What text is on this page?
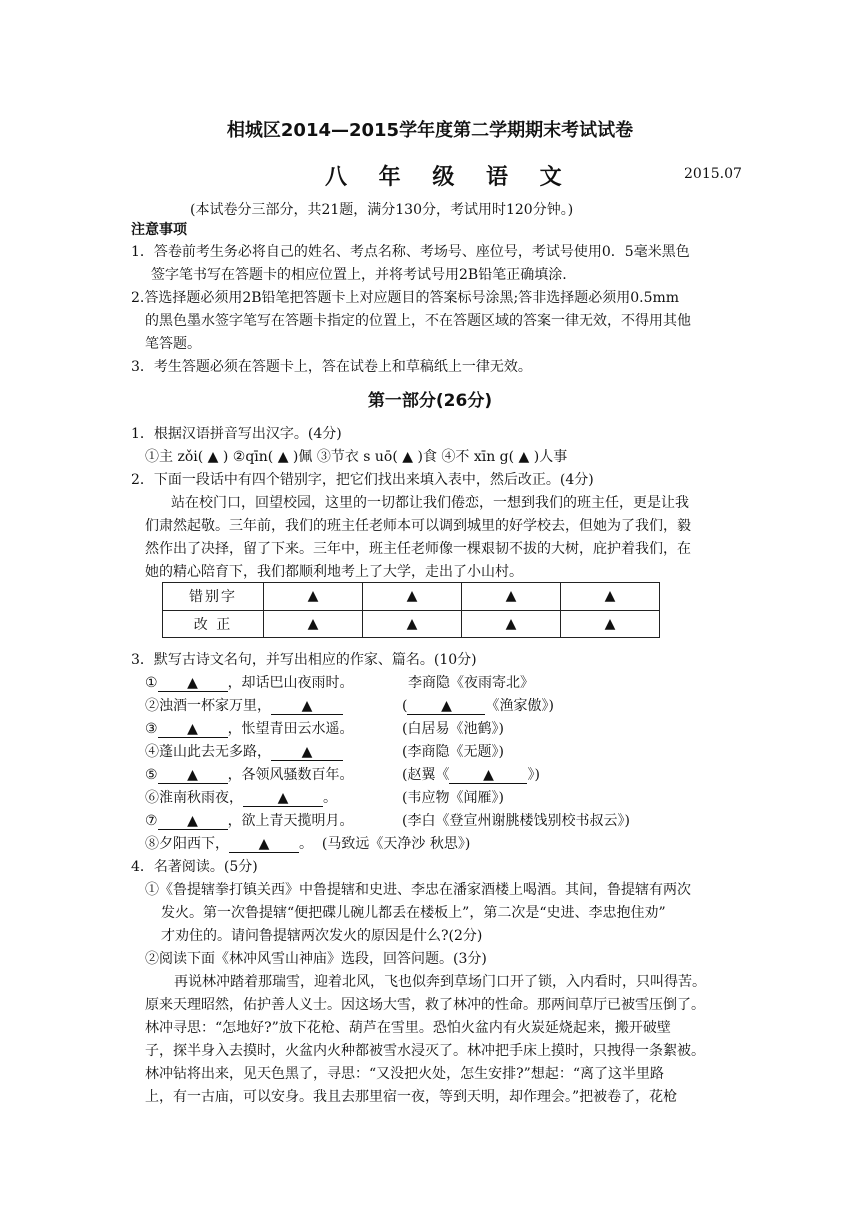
相城区2014—2015学年度第二学期期末考试试卷
八 年 级 语 文	2015.07
(本试卷分三部分，共21题，满分130分，考试用时120分钟。)
注意事项
1．答卷前考生务必将自己的姓名、考点名称、考场号、座位号，考试号使用0．5毫米黑色
签字笔书写在答题卡的相应位置上，并将考试号用2B铅笔正确填涂.
2.答选择题必须用2B铅笔把答题卡上对应题目的答案标号涂黑;答非选择题必须用0.5mm
的黑色墨水签字笔写在答题卡指定的位置上，不在答题区域的答案一律无效，不得用其他
笔答题。
3．考生答题必须在答题卡上，答在试卷上和草稿纸上一律无效。
第一部分(26分)
1．根据汉语拼音写出汉字。(4分)
①主 zǒi( ▲ ) ②qīn( ▲ )佩 ③节衣 s uō( ▲ )食 ④不 xīn g( ▲ )人事
2．下面一段话中有四个错别字，把它们找出来填入表中，然后改正。(4分)
站在校门口，回望校园，这里的一切都让我们倦恋，一想到我们的班主任，更是让我
们肃然起敬。三年前，我们的班主任老师本可以调到城里的好学校去，但她为了我们，毅
然作出了决择，留了下来。三年中，班主任老师像一棵艰韧不拔的大树，庇护着我们，在
她的精心陪育下，我们都顺利地考上了大学，走出了小山村。
错别字	▲	▲	▲	▲
改 正	▲	▲	▲	▲
3．默写古诗文名句，并写出相应的作家、篇名。(10分)
① ▲ ，却话巴山夜雨时。	李商隐《夜雨寄北》
②浊酒一杯家万里， ▲	( ▲ 《渔家傲》)
③ ▲ ，怅望青田云水遥。	(白居易《池鹤》)
④蓬山此去无多路， ▲	(李商隐《无题》)
⑤ ▲ ，各领风骚数百年。	(赵翼《 ▲ 》)
⑥淮南秋雨夜， ▲ 。	(韦应物《闻雁》)
⑦ ▲ ，欲上青天揽明月。	(李白《登宣州谢朓楼饯别校书叔云》)
⑧夕阳西下， ▲ 。 (马致远《天净沙 秋思》)
4．名著阅读。(5分)
①《鲁提辖拳打镇关西》中鲁提辖和史进、李忠在潘家酒楼上喝酒。其间，鲁提辖有两次
发火。第一次鲁提辖“便把碟儿碗儿都丢在楼板上”，第二次是“史进、李忠抱住劝”
才劝住的。请问鲁提辖两次发火的原因是什么?(2分)
②阅读下面《林冲风雪山神庙》选段，回答问题。(3分)
再说林冲踏着那瑞雪，迎着北风，飞也似奔到草场门口开了锁，入内看时，只叫得苦。
原来天理昭然，佑护善人义士。因这场大雪，救了林冲的性命。那两间草厅已被雪压倒了。
林冲寻思：“怎地好?”放下花枪、葫芦在雪里。恐怕火盆内有火炭延烧起来，搬开破壁
子，探半身入去摸时，火盆内火种都被雪水浸灭了。林冲把手床上摸时，只拽得一条絮被。
林冲钻将出来，见天色黑了，寻思：“又没把火处，怎生安排?”想起：“离了这半里路
上，有一古庙，可以安身。我且去那里宿一夜，等到天明，却作理会。”把被卷了，花枪
